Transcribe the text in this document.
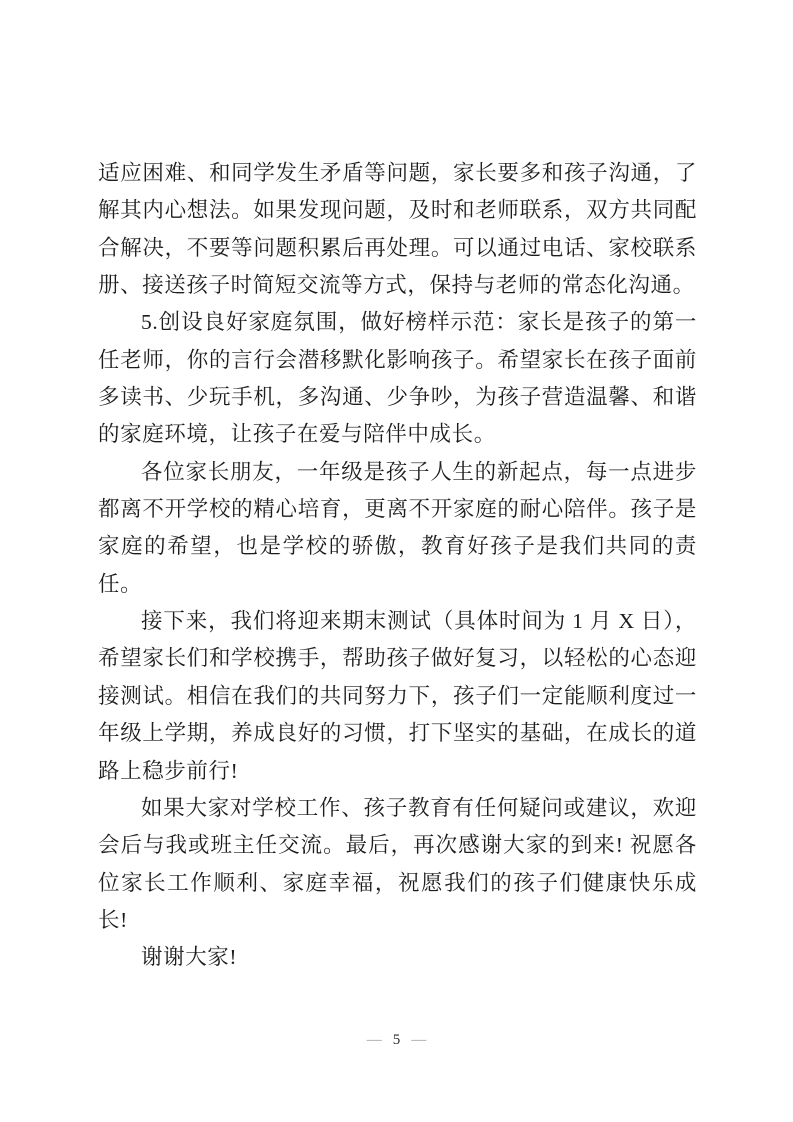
适应困难、和同学发生矛盾等问题，家长要多和孩子沟通，了解其内心想法。如果发现问题，及时和老师联系，双方共同配合解决，不要等问题积累后再处理。可以通过电话、家校联系册、接送孩子时简短交流等方式，保持与老师的常态化沟通。

5.创设良好家庭氛围，做好榜样示范：家长是孩子的第一任老师，你的言行会潜移默化影响孩子。希望家长在孩子面前多读书、少玩手机，多沟通、少争吵，为孩子营造温馨、和谐的家庭环境，让孩子在爱与陪伴中成长。

各位家长朋友，一年级是孩子人生的新起点，每一点进步都离不开学校的精心培育，更离不开家庭的耐心陪伴。孩子是家庭的希望，也是学校的骄傲，教育好孩子是我们共同的责任。

接下来，我们将迎来期末测试（具体时间为 1 月 X 日），希望家长们和学校携手，帮助孩子做好复习，以轻松的心态迎接测试。相信在我们的共同努力下，孩子们一定能顺利度过一年级上学期，养成良好的习惯，打下坚实的基础，在成长的道路上稳步前行!

如果大家对学校工作、孩子教育有任何疑问或建议，欢迎会后与我或班主任交流。最后，再次感谢大家的到来! 祝愿各位家长工作顺利、家庭幸福，祝愿我们的孩子们健康快乐成长!

谢谢大家!

— 5 —
